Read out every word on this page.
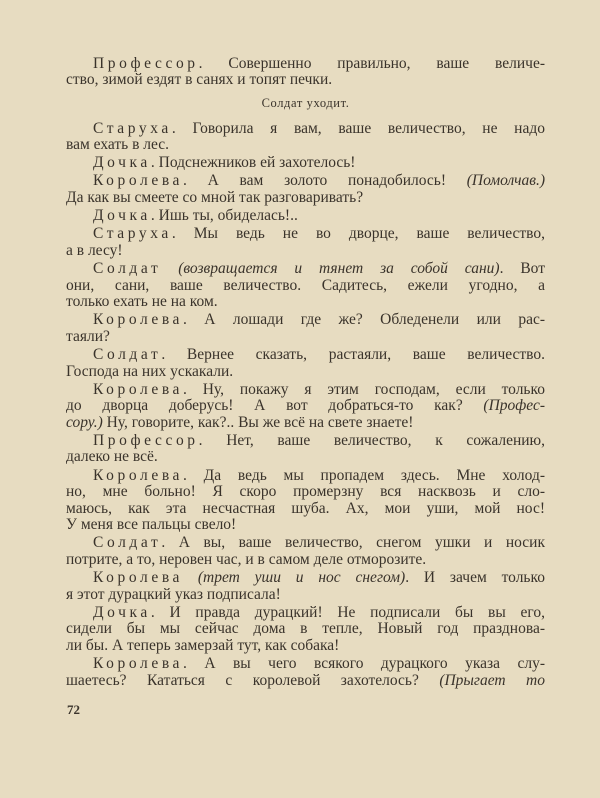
Профессор. Совершенно правильно, ваше величе-
ство, зимой ездят в санях и топят печки.
Солдат уходит.
Старуха. Говорила я вам, ваше величество, не надо
вам ехать в лес.
Дочка. Подснежников ей захотелось!
Королева. А вам золото понадобилось! (Помолчав.)
Да как вы смеете со мной так разговаривать?
Дочка. Ишь ты, обиделась!..
Старуха. Мы ведь не во дворце, ваше величество,
а в лесу!
Солдат (возвращается и тянет за собой сани). Вот
они, сани, ваше величество. Садитесь, ежели угодно, а
только ехать не на ком.
Королева. А лошади где же? Обледенели или рас-
таяли?
Солдат. Вернее сказать, растаяли, ваше величество.
Господа на них ускакали.
Королева. Ну, покажу я этим господам, если только
до дворца доберусь! А вот добраться-то как? (Профес-
сору.) Ну, говорите, как?.. Вы же всё на свете знаете!
Профессор. Нет, ваше величество, к сожалению,
далеко не всё.
Королева. Да ведь мы пропадем здесь. Мне холод-
но, мне больно! Я скоро промерзну вся насквозь и сло-
маюсь, как эта несчастная шуба. Ах, мои уши, мой нос!
У меня все пальцы свело!
Солдат. А вы, ваше величество, снегом ушки и носик
потрите, а то, неровен час, и в самом деле отморозите.
Королева (трет уши и нос снегом). И зачем только
я этот дурацкий указ подписала!
Дочка. И правда дурацкий! Не подписали бы вы его,
сидели бы мы сейчас дома в тепле, Новый год празднова-
ли бы. А теперь замерзай тут, как собака!
Королева. А вы чего всякого дурацкого указа слу-
шаетесь? Кататься с королевой захотелось? (Прыгает то
72
